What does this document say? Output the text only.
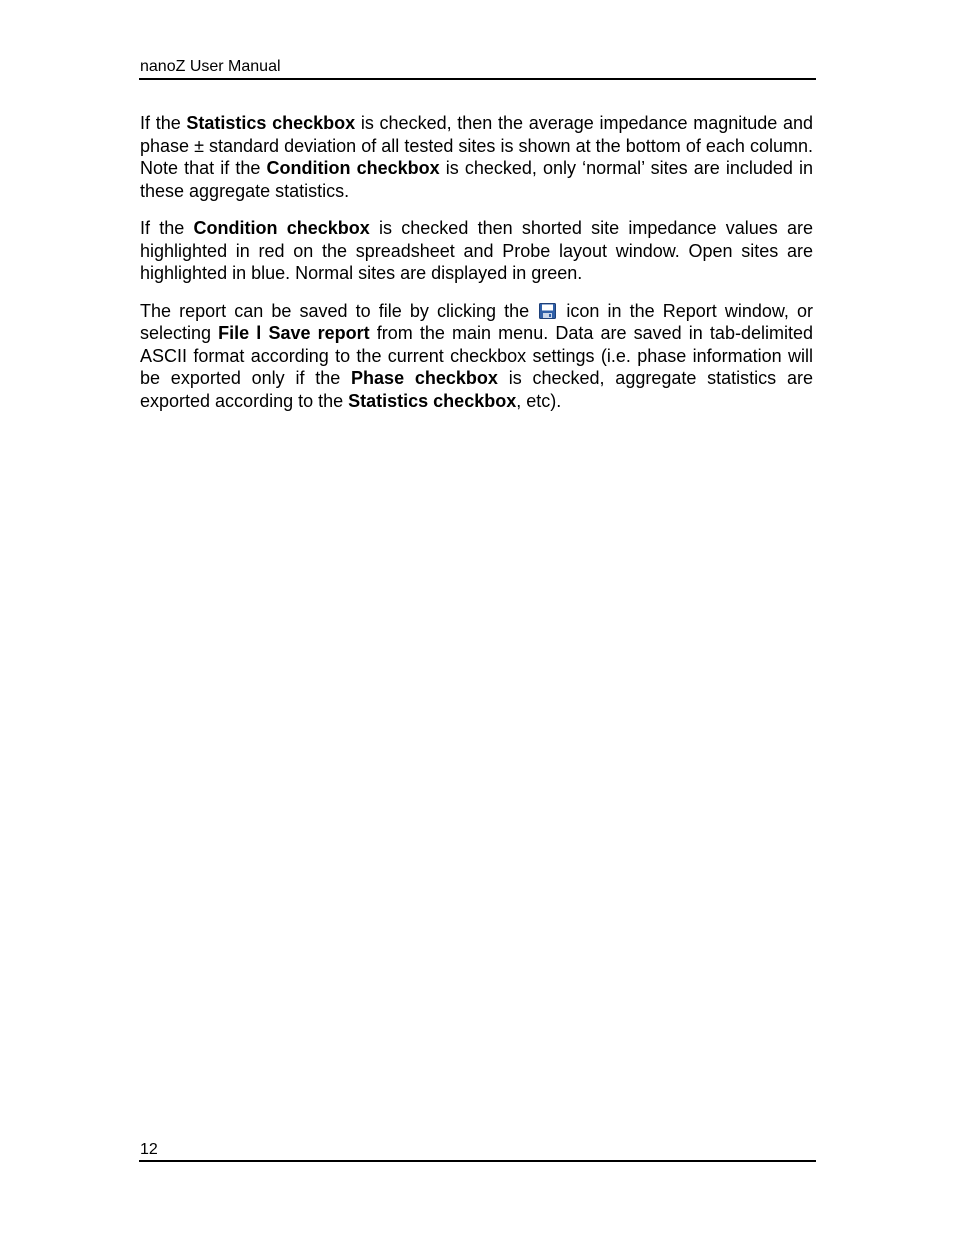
nanoZ User Manual

If the Statistics checkbox is checked, then the average impedance magnitude and phase ± standard deviation of all tested sites is shown at the bottom of each column. Note that if the Condition checkbox is checked, only ‘normal’ sites are included in these aggregate statistics.

If the Condition checkbox is checked then shorted site impedance values are highlighted in red on the spreadsheet and Probe layout window. Open sites are highlighted in blue. Normal sites are displayed in green.

The report can be saved to file by clicking the  icon in the Report window, or selecting File l Save report from the main menu. Data are saved in tab-delimited ASCII format according to the current checkbox settings (i.e. phase information will be exported only if the Phase checkbox is checked, aggregate statistics are exported according to the Statistics checkbox, etc).

12
